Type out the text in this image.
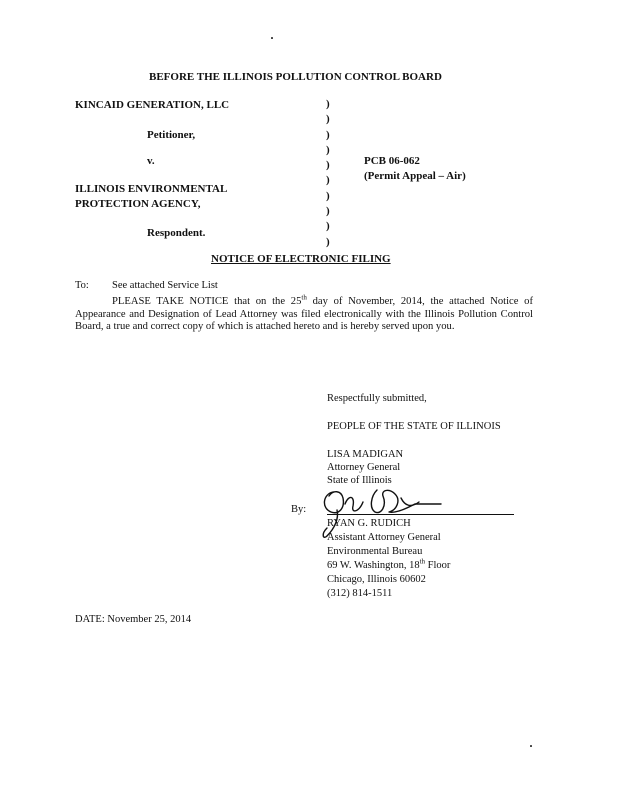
BEFORE THE ILLINOIS POLLUTION CONTROL BOARD
KINCAID GENERATION, LLC
Petitioner,
v.
ILLINOIS ENVIRONMENTAL
PROTECTION AGENCY,
Respondent.
)
)
)
)
)
)
)
)
)
)
PCB 06-062
(Permit Appeal – Air)
NOTICE OF ELECTRONIC FILING
To: See attached Service List
PLEASE TAKE NOTICE that on the 25th day of November, 2014, the attached Notice of Appearance and Designation of Lead Attorney was filed electronically with the Illinois Pollution Control Board, a true and correct copy of which is attached hereto and is hereby served upon you.
Respectfully submitted,
PEOPLE OF THE STATE OF ILLINOIS
LISA MADIGAN
Attorney General
State of Illinois
By:
RYAN G. RUDICH
Assistant Attorney General
Environmental Bureau
69 W. Washington, 18th Floor
Chicago, Illinois 60602
(312) 814-1511
DATE: November 25, 2014
